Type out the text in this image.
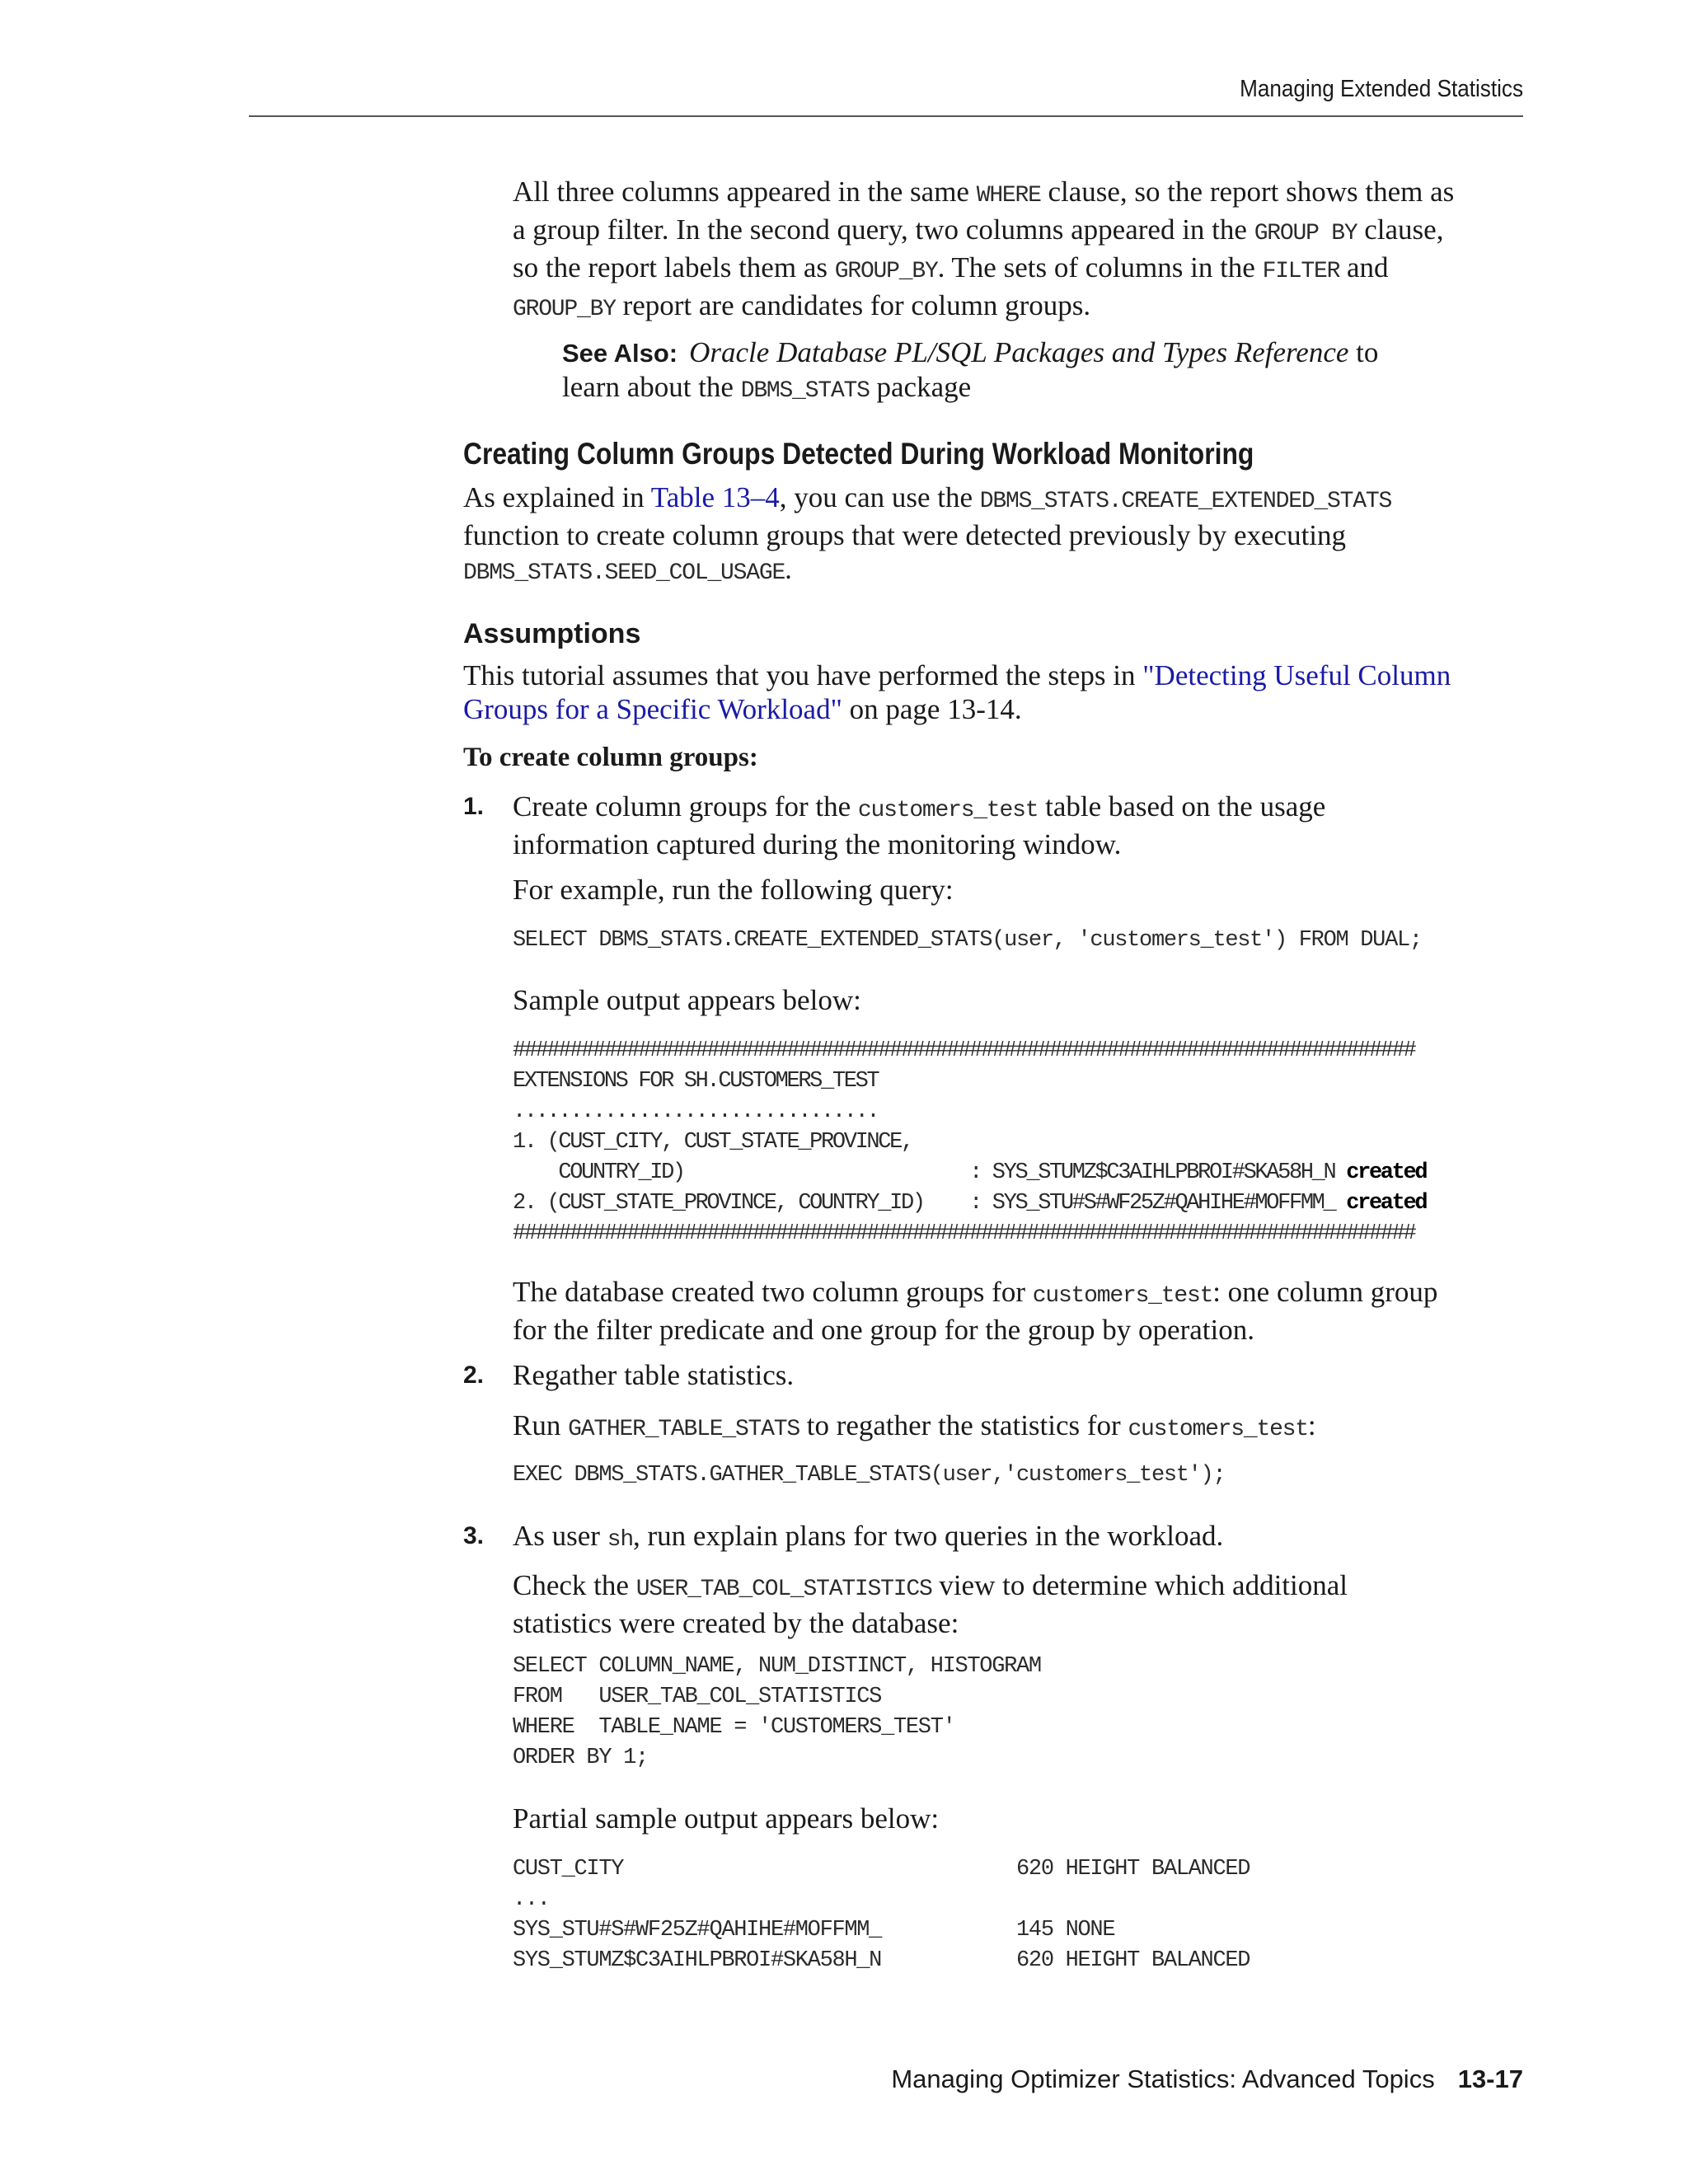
Managing Extended Statistics
All three columns appeared in the same WHERE clause, so the report shows them as
a group filter. In the second query, two columns appeared in the GROUP BY clause,
so the report labels them as GROUP_BY. The sets of columns in the FILTER and
GROUP_BY report are candidates for column groups.
See Also: Oracle Database PL/SQL Packages and Types Reference to
learn about the DBMS_STATS package
Creating Column Groups Detected During Workload Monitoring
As explained in Table 13–4, you can use the DBMS_STATS.CREATE_EXTENDED_STATS
function to create column groups that were detected previously by executing
DBMS_STATS.SEED_COL_USAGE.
Assumptions
This tutorial assumes that you have performed the steps in "Detecting Useful Column
Groups for a Specific Workload" on page 13-14.
To create column groups:
1. Create column groups for the customers_test table based on the usage
information captured during the monitoring window.
For example, run the following query:
SELECT DBMS_STATS.CREATE_EXTENDED_STATS(user, 'customers_test') FROM DUAL;
Sample output appears below:
###############################################################################
EXTENSIONS FOR SH.CUSTOMERS_TEST
................................
1. (CUST_CITY, CUST_STATE_PROVINCE,
COUNTRY_ID)                         : SYS_STUMZ$C3AIHLPBROI#SKA58H_N created
2. (CUST_STATE_PROVINCE, COUNTRY_ID)    : SYS_STU#S#WF25Z#QAHIHE#MOFFMM_ created
###############################################################################
The database created two column groups for customers_test: one column group
for the filter predicate and one group for the group by operation.
2. Regather table statistics.
Run GATHER_TABLE_STATS to regather the statistics for customers_test:
EXEC DBMS_STATS.GATHER_TABLE_STATS(user,'customers_test');
3. As user sh, run explain plans for two queries in the workload.
Check the USER_TAB_COL_STATISTICS view to determine which additional
statistics were created by the database:
SELECT COLUMN_NAME, NUM_DISTINCT, HISTOGRAM
FROM   USER_TAB_COL_STATISTICS
WHERE  TABLE_NAME = 'CUSTOMERS_TEST'
ORDER BY 1;
Partial sample output appears below:
CUST_CITY                                620 HEIGHT BALANCED
...
SYS_STU#S#WF25Z#QAHIHE#MOFFMM_           145 NONE
SYS_STUMZ$C3AIHLPBROI#SKA58H_N           620 HEIGHT BALANCED
Managing Optimizer Statistics: Advanced Topics 13-17
